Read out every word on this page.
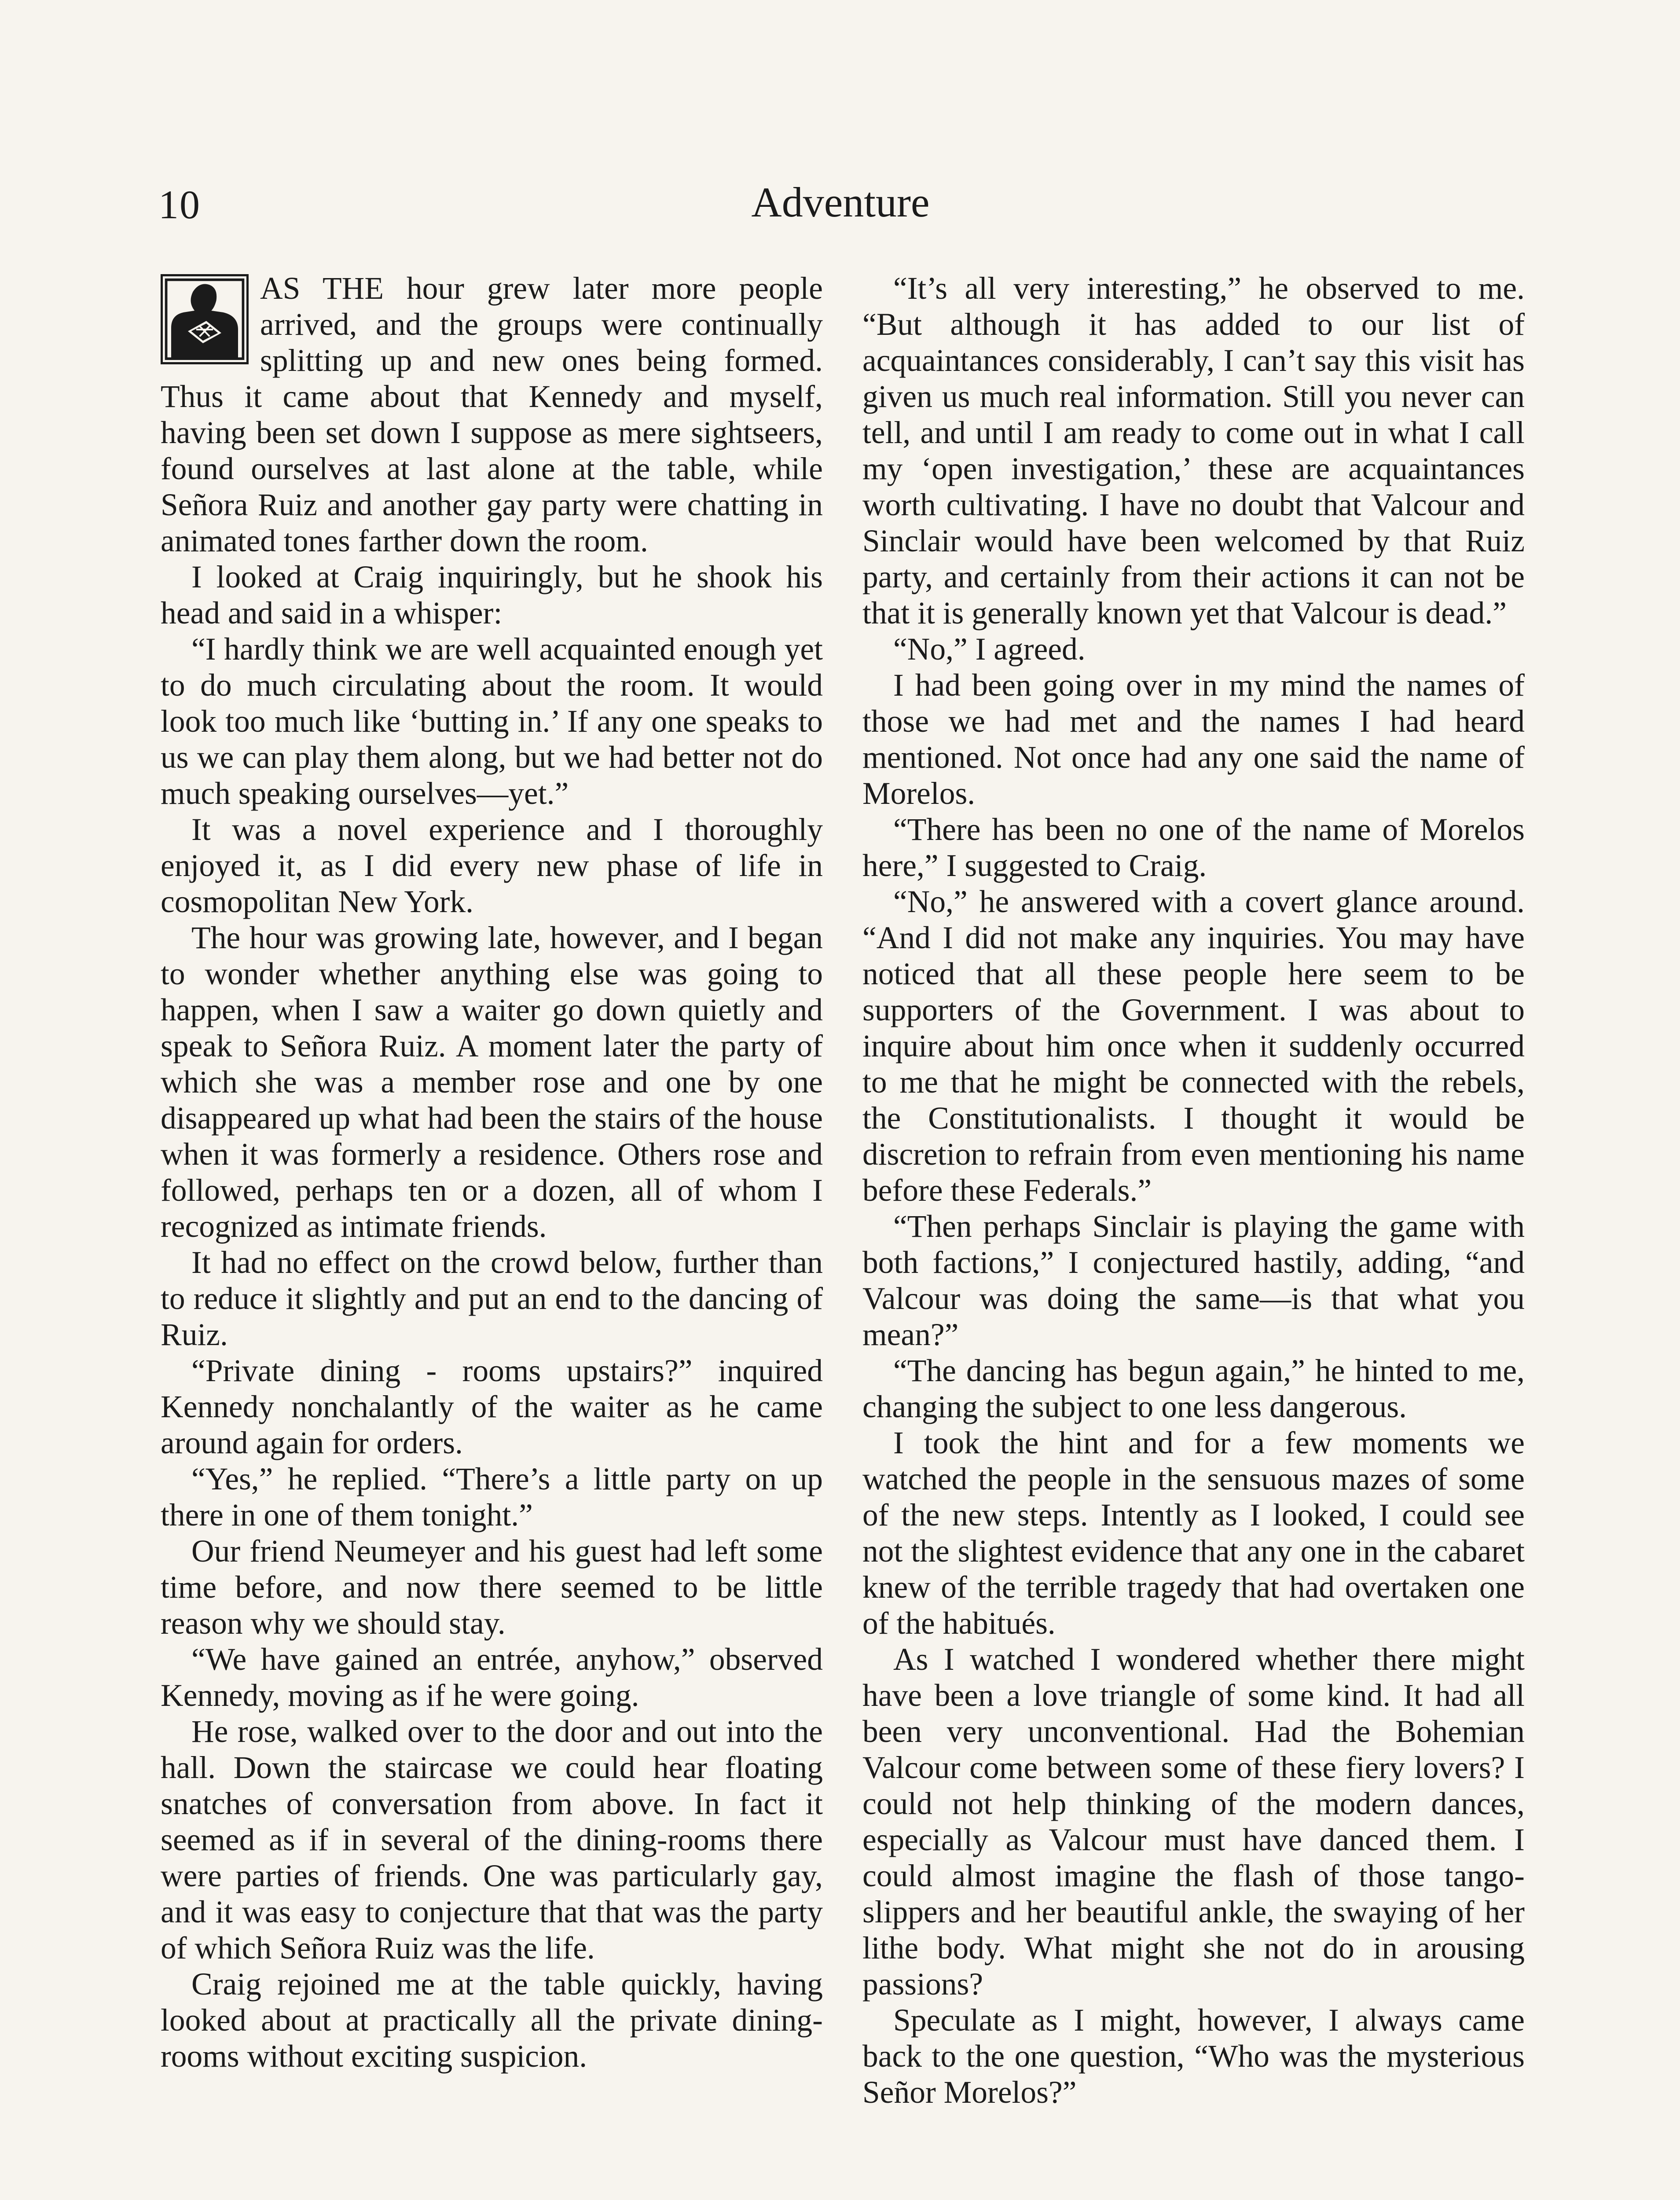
10	Adventure

AS THE hour grew later more people arrived, and the groups were continually splitting up and new ones being formed. Thus it came about that Kennedy and myself, having been set down I suppose as mere sightseers, found ourselves at last alone at the table, while Señora Ruiz and another gay party were chatting in animated tones farther down the room.

I looked at Craig inquiringly, but he shook his head and said in a whisper:

“I hardly think we are well acquainted enough yet to do much circulating about the room. It would look too much like ‘butting in.’ If any one speaks to us we can play them along, but we had better not do much speaking ourselves—yet.”

It was a novel experience and I thoroughly enjoyed it, as I did every new phase of life in cosmopolitan New York.

The hour was growing late, however, and I began to wonder whether anything else was going to happen, when I saw a waiter go down quietly and speak to Señora Ruiz. A moment later the party of which she was a member rose and one by one disappeared up what had been the stairs of the house when it was formerly a residence. Others rose and followed, perhaps ten or a dozen, all of whom I recognized as intimate friends.

It had no effect on the crowd below, further than to reduce it slightly and put an end to the dancing of Ruiz.

“Private dining - rooms upstairs?” inquired Kennedy nonchalantly of the waiter as he came around again for orders.

“Yes,” he replied. “There’s a little party on up there in one of them tonight.”

Our friend Neumeyer and his guest had left some time before, and now there seemed to be little reason why we should stay.

“We have gained an entrée, anyhow,” observed Kennedy, moving as if he were going.

He rose, walked over to the door and out into the hall. Down the staircase we could hear floating snatches of conversation from above. In fact it seemed as if in several of the dining-rooms there were parties of friends. One was particularly gay, and it was easy to conjecture that that was the party of which Señora Ruiz was the life.

Craig rejoined me at the table quickly, having looked about at practically all the private dining-rooms without exciting suspicion.

“It’s all very interesting,” he observed to me. “But although it has added to our list of acquaintances considerably, I can’t say this visit has given us much real information. Still you never can tell, and until I am ready to come out in what I call my ‘open investigation,’ these are acquaintances worth cultivating. I have no doubt that Valcour and Sinclair would have been welcomed by that Ruiz party, and certainly from their actions it can not be that it is generally known yet that Valcour is dead.”

“No,” I agreed.

I had been going over in my mind the names of those we had met and the names I had heard mentioned. Not once had any one said the name of Morelos.

“There has been no one of the name of Morelos here,” I suggested to Craig.

“No,” he answered with a covert glance around. “And I did not make any inquiries. You may have noticed that all these people here seem to be supporters of the Government. I was about to inquire about him once when it suddenly occurred to me that he might be connected with the rebels, the Constitutionalists. I thought it would be discretion to refrain from even mentioning his name before these Federals.”

“Then perhaps Sinclair is playing the game with both factions,” I conjectured hastily, adding, “and Valcour was doing the same—is that what you mean?”

“The dancing has begun again,” he hinted to me, changing the subject to one less dangerous.

I took the hint and for a few moments we watched the people in the sensuous mazes of some of the new steps. Intently as I looked, I could see not the slightest evidence that any one in the cabaret knew of the terrible tragedy that had overtaken one of the habitués.

As I watched I wondered whether there might have been a love triangle of some kind. It had all been very unconventional. Had the Bohemian Valcour come between some of these fiery lovers? I could not help thinking of the modern dances, especially as Valcour must have danced them. I could almost imagine the flash of those tango-slippers and her beautiful ankle, the swaying of her lithe body. What might she not do in arousing passions?

Speculate as I might, however, I always came back to the one question, “Who was the mysterious Señor Morelos?”
